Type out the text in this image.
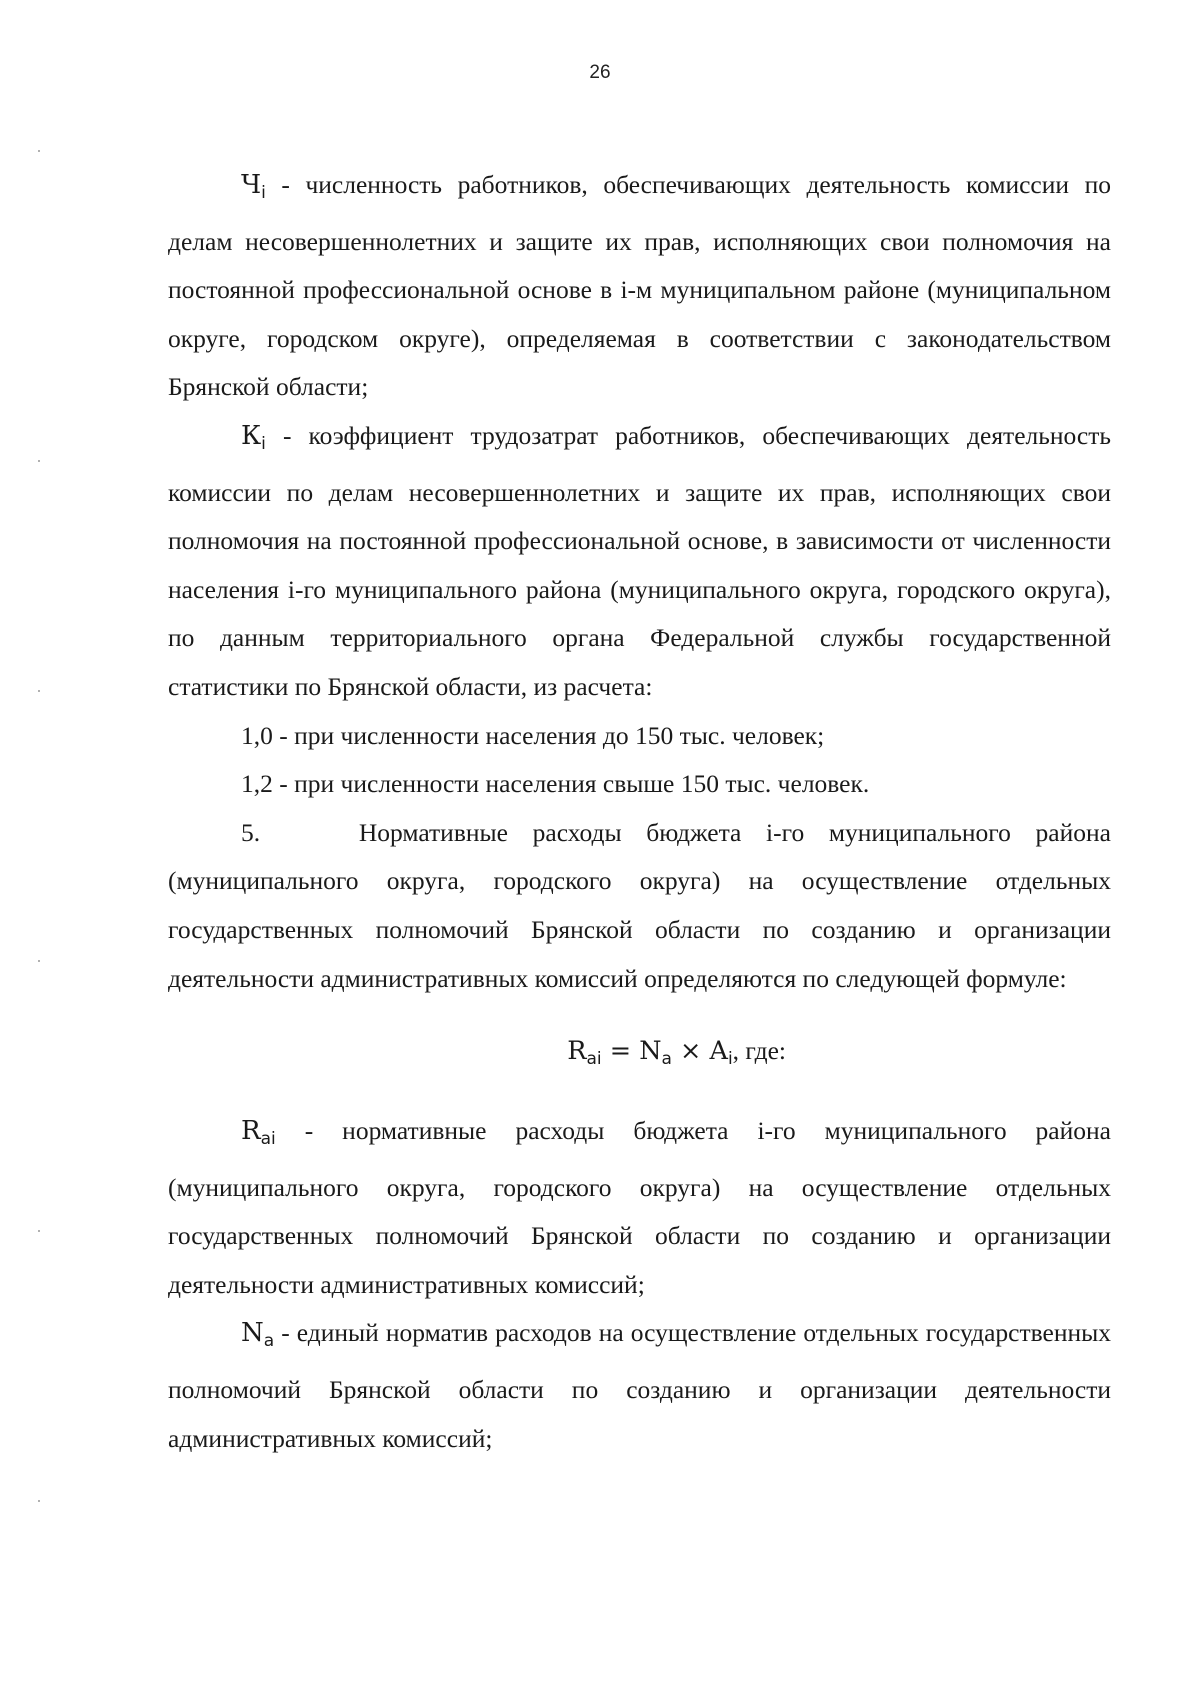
26

$Ч_i$ - численность работников, обеспечивающих деятельность комиссии по делам несовершеннолетних и защите их прав, исполняющих свои полномочия на постоянной профессиональной основе в i-м муниципальном районе (муниципальном округе, городском округе), определяемая в соответствии с законодательством Брянской области;

$К_i$ - коэффициент трудозатрат работников, обеспечивающих деятельность комиссии по делам несовершеннолетних и защите их прав, исполняющих свои полномочия на постоянной профессиональной основе, в зависимости от численности населения i-го муниципального района (муниципального округа, городского округа), по данным территориального органа Федеральной службы государственной статистики по Брянской области, из расчета:

1,0 - при численности населения до 150 тыс. человек;

1,2 - при численности населения свыше 150 тыс. человек.

5.    Нормативные расходы бюджета i-го муниципального района (муниципального округа, городского округа) на осуществление отдельных государственных полномочий Брянской области по созданию и организации деятельности административных комиссий определяются по следующей формуле:

$R_{ai} = N_a \times A_i$, где:

$R_{ai}$ - нормативные расходы бюджета i-го муниципального района (муниципального округа, городского округа) на осуществление отдельных государственных полномочий Брянской области по созданию и организации деятельности административных комиссий;

$N_a$ - единый норматив расходов на осуществление отдельных государственных полномочий Брянской области по созданию и организации деятельности административных комиссий;
